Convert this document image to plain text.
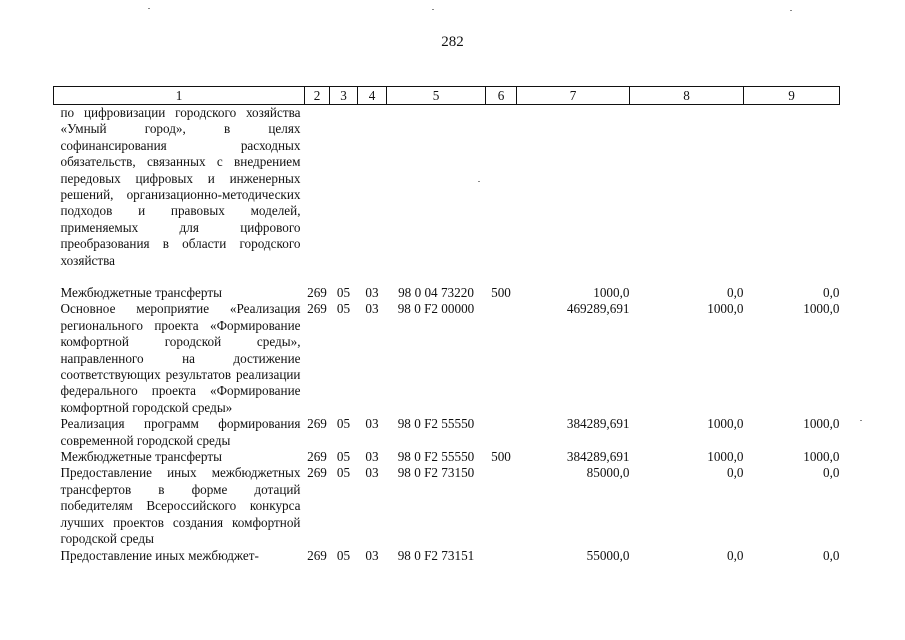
282
1	2	3	4	5	6	7	8	9
по цифровизации городского хозяйства «Умный город», в целях софинансирования расходных обязательств, связанных с внедрением передовых цифровых и инженерных решений, организационно-методических подходов и правовых моделей, применяемых для цифрового преобразования в области городского хозяйства								
Межбюджетные трансферты	269	05	03	98 0 04 73220	500	1000,0	0,0	0,0
Основное мероприятие «Реализация регионального проекта «Формирование комфортной городской среды», направленного на достижение соответствующих результатов реализации федерального проекта «Формирование комфортной городской среды»	269	05	03	98 0 F2 00000		469289,691	1000,0	1000,0
Реализация программ формирования современной городской среды	269	05	03	98 0 F2 55550		384289,691	1000,0	1000,0
Межбюджетные трансферты	269	05	03	98 0 F2 55550	500	384289,691	1000,0	1000,0
Предоставление иных межбюджетных трансфертов в форме дотаций победителям Всероссийского конкурса лучших проектов создания комфортной городской среды	269	05	03	98 0 F2 73150		85000,0	0,0	0,0
Предоставление иных межбюджет-	269	05	03	98 0 F2 73151		55000,0	0,0	0,0
